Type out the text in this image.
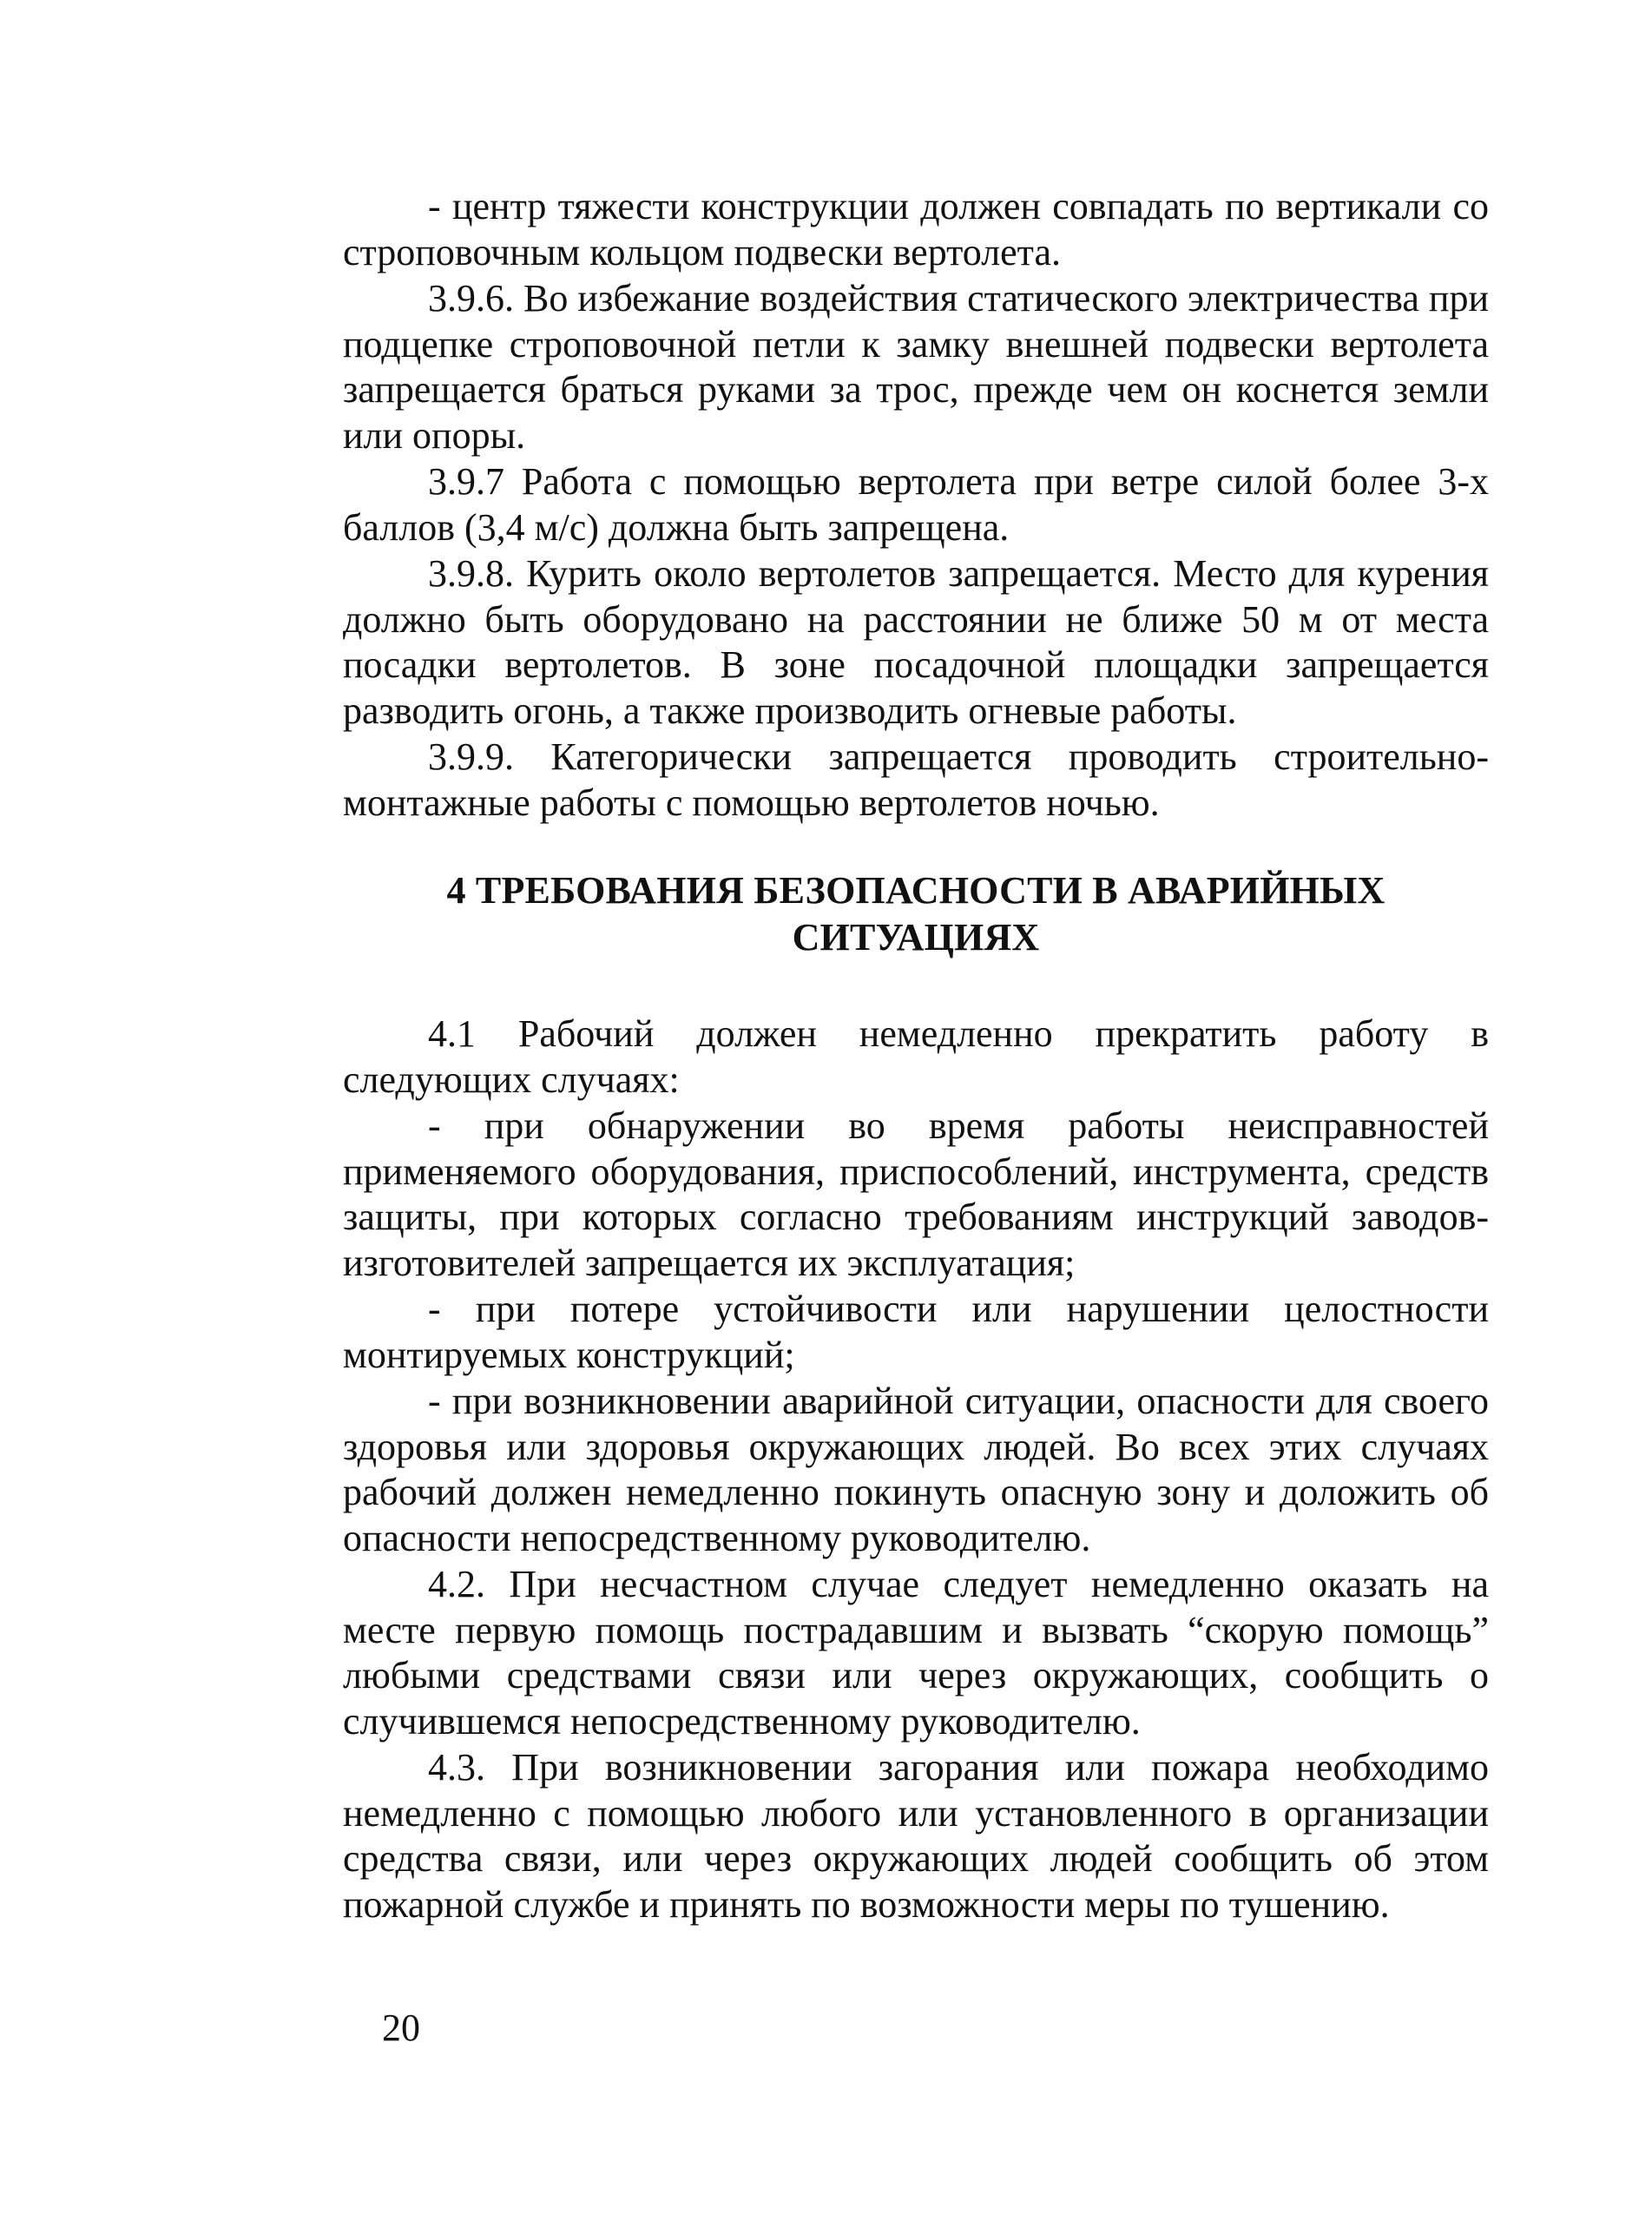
- центр тяжести конструкции должен совпадать по вертикали со строповочным кольцом подвески вертолета.

3.9.6. Во избежание воздействия статического электричества при подцепке строповочной петли к замку внешней подвески вертолета запрещается браться руками за трос, прежде чем он коснется земли или опоры.

3.9.7 Работа с помощью вертолета при ветре силой более 3-х баллов (3,4 м/с) должна быть запрещена.

3.9.8. Курить около вертолетов запрещается. Место для курения должно быть оборудовано на расстоянии не ближе 50 м от места посадки вертолетов. В зоне посадочной площадки запрещается разводить огонь, а также производить огневые работы.

3.9.9. Категорически запрещается проводить строительно-монтажные работы с помощью вертолетов ночью.

4 ТРЕБОВАНИЯ БЕЗОПАСНОСТИ В АВАРИЙНЫХ
СИТУАЦИЯХ

4.1 Рабочий должен немедленно прекратить работу в следующих случаях:

- при обнаружении во время работы неисправностей применяемого оборудования, приспособлений, инструмента, средств защиты, при которых согласно требованиям инструкций заводов-изготовителей запрещается их эксплуатация;

- при потере устойчивости или нарушении целостности монтируемых конструкций;

- при возникновении аварийной ситуации, опасности для своего здоровья или здоровья окружающих людей. Во всех этих случаях рабочий должен немедленно покинуть опасную зону и доложить об опасности непосредственному руководителю.

4.2. При несчастном случае следует немедленно оказать на месте первую помощь пострадавшим и вызвать “скорую помощь” любыми средствами связи или через окружающих, сообщить о случившемся непосредственному руководителю.

4.3. При возникновении загорания или пожара необходимо немедленно с помощью любого или установленного в организации средства связи, или через окружающих людей сообщить об этом пожарной службе и принять по возможности меры по тушению.

20
